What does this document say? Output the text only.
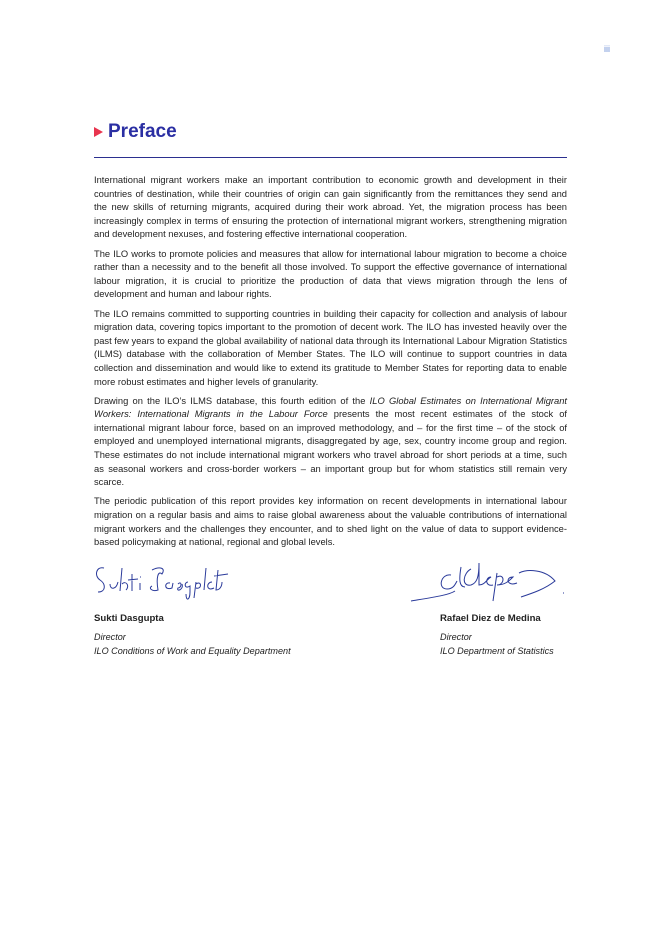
iii
Preface

International migrant workers make an important contribution to economic growth and development in their countries of destination, while their countries of origin can gain significantly from the remittances they send and the new skills of returning migrants, acquired during their work abroad. Yet, the migration process has been increasingly complex in terms of ensuring the protection of international migrant workers, strengthening migration and development nexuses, and fostering effective international cooperation.

The ILO works to promote policies and measures that allow for international labour migration to become a choice rather than a necessity and to the benefit all those involved. To support the effective governance of international labour migration, it is crucial to prioritize the production of data that views migration through the lens of development and human and labour rights.

The ILO remains committed to supporting countries in building their capacity for collection and analysis of labour migration data, covering topics important to the promotion of decent work. The ILO has invested heavily over the past few years to expand the global availability of national data through its International Labour Migration Statistics (ILMS) database with the collaboration of Member States. The ILO will continue to support countries in data collection and dissemination and would like to extend its gratitude to Member States for reporting data to enable more robust estimates and higher levels of granularity.

Drawing on the ILO’s ILMS database, this fourth edition of the ILO Global Estimates on International Migrant Workers: International Migrants in the Labour Force presents the most recent estimates of the stock of international migrant labour force, based on an improved methodology, and – for the first time – of the stock of employed and unemployed international migrants, disaggregated by age, sex, country income group and region. These estimates do not include international migrant workers who travel abroad for short periods at a time, such as seasonal workers and cross-border workers – an important group but for whom statistics still remain very scarce.

The periodic publication of this report provides key information on recent developments in international labour migration on a regular basis and aims to raise global awareness about the valuable contributions of international migrant workers and the challenges they encounter, and to shed light on the value of data to support evidence-based policymaking at national, regional and global levels.

Sukti Dasgupta
Director
ILO Conditions of Work and Equality Department
Rafael Diez de Medina
Director
ILO Department of Statistics
